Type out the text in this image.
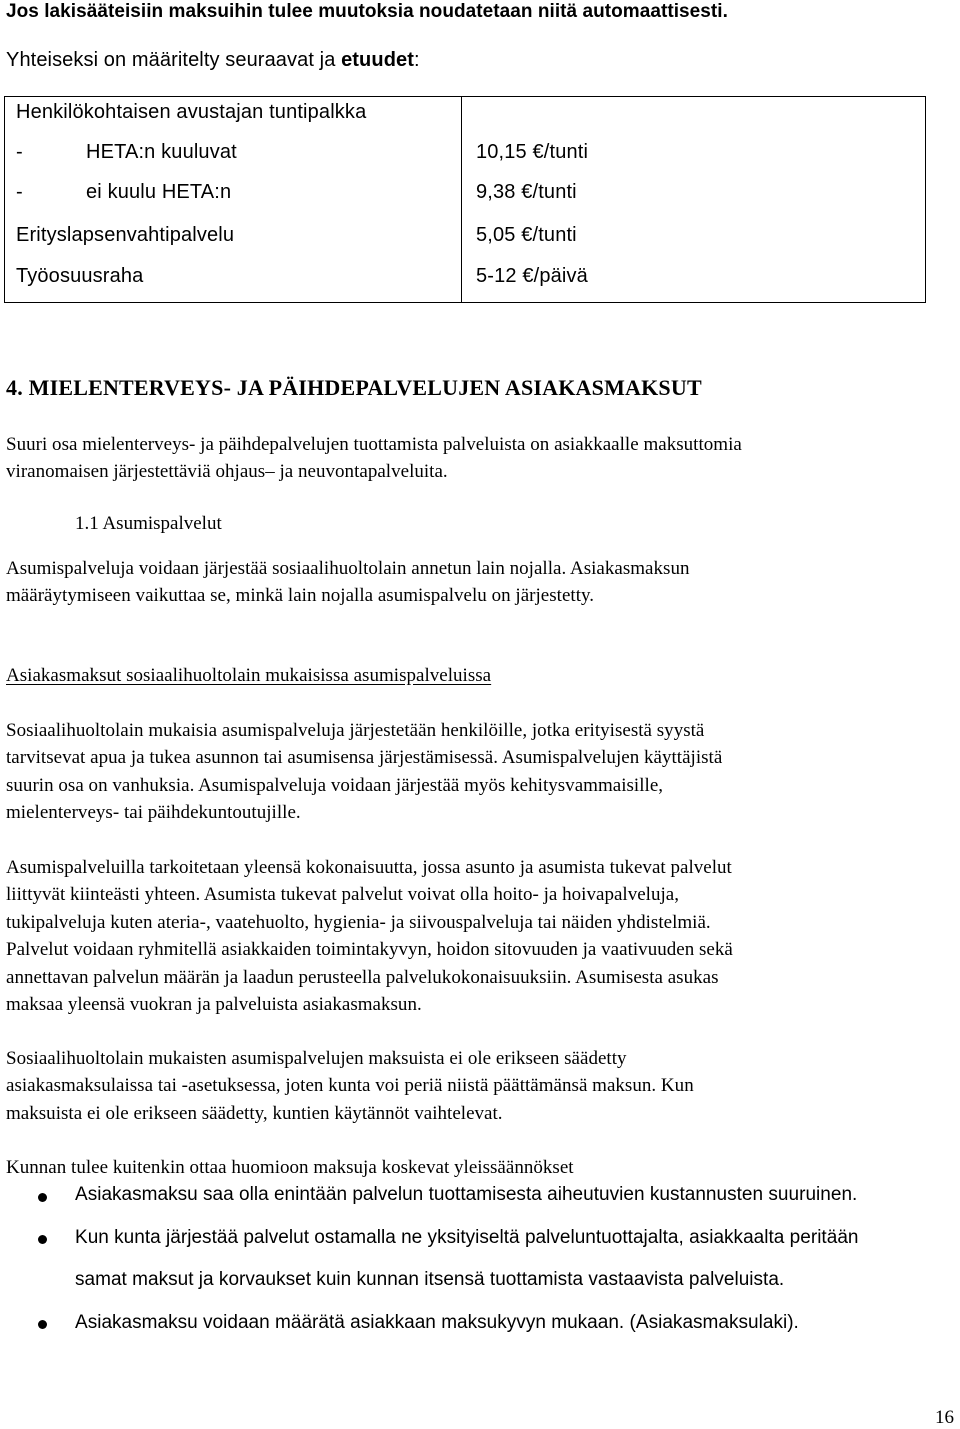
Jos lakisääteisiin maksuihin tulee muutoksia noudatetaan niitä automaattisesti.
Yhteiseksi on määritelty seuraavat ja etuudet:
Henkilökohtaisen avustajan tuntipalkka
-	HETA:n kuuluvat	10,15 €/tunti
-	ei kuulu HETA:n	9,38 €/tunti
Erityslapsenvahtipalvelu	5,05 €/tunti
Työosuusraha	5-12 €/päivä
4. MIELENTERVEYS- JA PÄIHDEPALVELUJEN ASIAKASMAKSUT

Suuri osa mielenterveys- ja päihdepalvelujen tuottamista palveluista on asiakkaalle maksuttomia

viranomaisen järjestettäviä ohjaus– ja neuvontapalveluita.

1.1 Asumispalvelut

Asumispalveluja voidaan järjestää sosiaalihuoltolain annetun lain nojalla. Asiakasmaksun

määräytymiseen vaikuttaa se, minkä lain nojalla asumispalvelu on järjestetty.

Asiakasmaksut sosiaalihuoltolain mukaisissa asumispalveluissa

Sosiaalihuoltolain mukaisia asumispalveluja järjestetään henkilöille, jotka erityisestä syystä

tarvitsevat apua ja tukea asunnon tai asumisensa järjestämisessä. Asumispalvelujen käyttäjistä

suurin osa on vanhuksia. Asumispalveluja voidaan järjestää myös kehitysvammaisille,

mielenterveys- tai päihdekuntoutujille.

Asumispalveluilla tarkoitetaan yleensä kokonaisuutta, jossa asunto ja asumista tukevat palvelut

liittyvät kiinteästi yhteen. Asumista tukevat palvelut voivat olla hoito- ja hoivapalveluja,

tukipalveluja kuten ateria-, vaatehuolto, hygienia- ja siivouspalveluja tai näiden yhdistelmiä.

Palvelut voidaan ryhmitellä asiakkaiden toimintakyvyn, hoidon sitovuuden ja vaativuuden sekä

annettavan palvelun määrän ja laadun perusteella palvelukokonaisuuksiin. Asumisesta asukas

maksaa yleensä vuokran ja palveluista asiakasmaksun.

Sosiaalihuoltolain mukaisten asumispalvelujen maksuista ei ole erikseen säädetty

asiakasmaksulaissa tai -asetuksessa, joten kunta voi periä niistä päättämänsä maksun. Kun

maksuista ei ole erikseen säädetty, kuntien käytännöt vaihtelevat.

Kunnan tulee kuitenkin ottaa huomioon maksuja koskevat yleissäännökset
Asiakasmaksu saa olla enintään palvelun tuottamisesta aiheutuvien kustannusten suuruinen.
Kun kunta järjestää palvelut ostamalla ne yksityiseltä palveluntuottajalta, asiakkaalta peritään
samat maksut ja korvaukset kuin kunnan itsensä tuottamista vastaavista palveluista.
Asiakasmaksu voidaan määrätä asiakkaan maksukyvyn mukaan. (Asiakasmaksulaki).
16
